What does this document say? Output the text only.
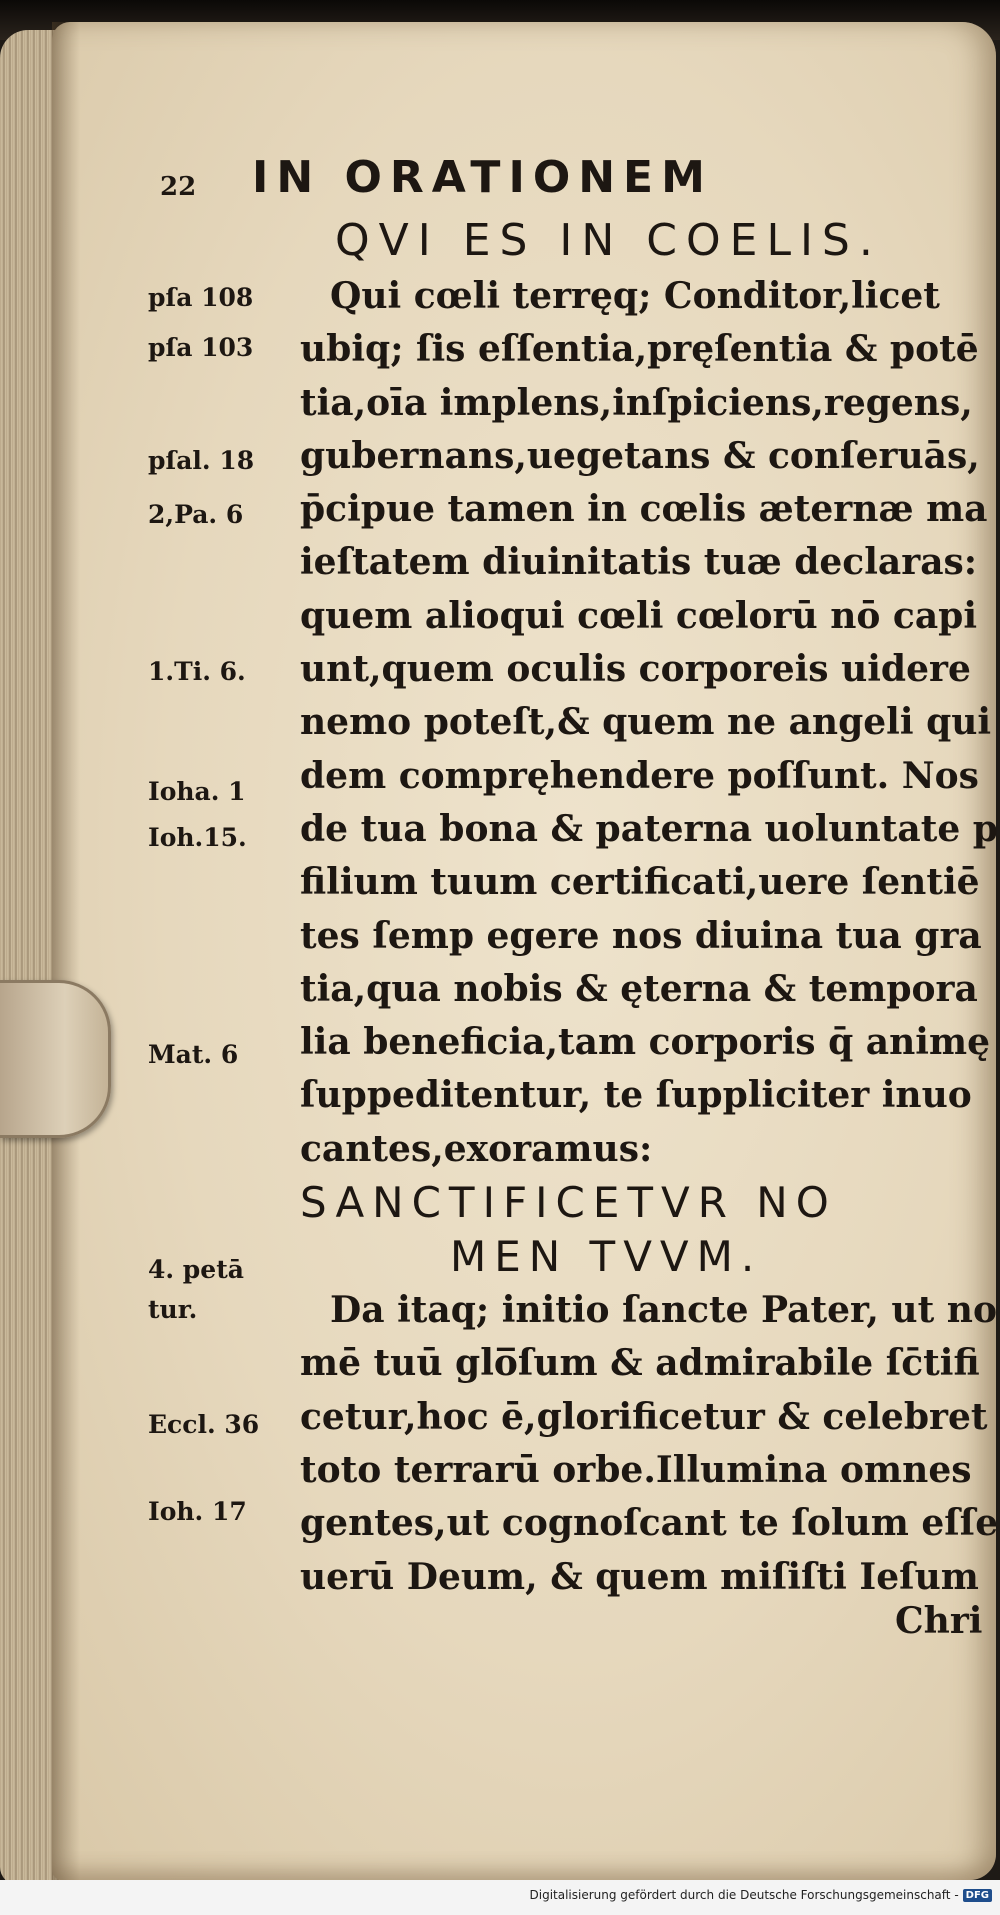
22 IN ORATIONEM
QVI ES IN COELIS.
Qui cœli terręq; Conditor,licet
ubiq; ſis eſſentia,pręſentia & potē
tia,oīa implens,inſpiciens,regens,
gubernans,uegetans & conſeruās,
p̄cipue tamen in cœlis æternæ ma
ieſtatem diuinitatis tuæ declaras:
quem alioqui cœli cœlorū nō capi
unt,quem oculis corporeis uidere
nemo poteſt,& quem ne angeli qui
dem compręhendere poſſunt. Nos
de tua bona & paterna uoluntate p
filium tuum certificati,uere ſentiē
tes ſemp egere nos diuina tua gra
tia,qua nobis & ęterna & tempora
lia beneficia,tam corporis q̄ animę
ſuppeditentur, te ſuppliciter inuo
cantes,exoramus:
SANCTIFICETVR NO
MEN TVVM.
Da itaq; initio ſancte Pater, ut no
mē tuū glo̅ſum & admirabile ſc̄tifi
cetur,hoc ē,glorificetur & celebret
toto terrarū orbe.Illumina omnes
gentes,ut cognoſcant te ſolum eſſe
uerū Deum, & quem miſiſti Ieſum
Chri
pſa 108
pſa 103
pſal. 18
2,Pa. 6
1.Ti. 6.
Ioha. 1
Ioh.15.
Mat. 6
4. petā
tur.
Eccl. 36
Ioh. 17
Digitalisierung gefördert durch die Deutsche Forschungsgemeinschaft - DFG
